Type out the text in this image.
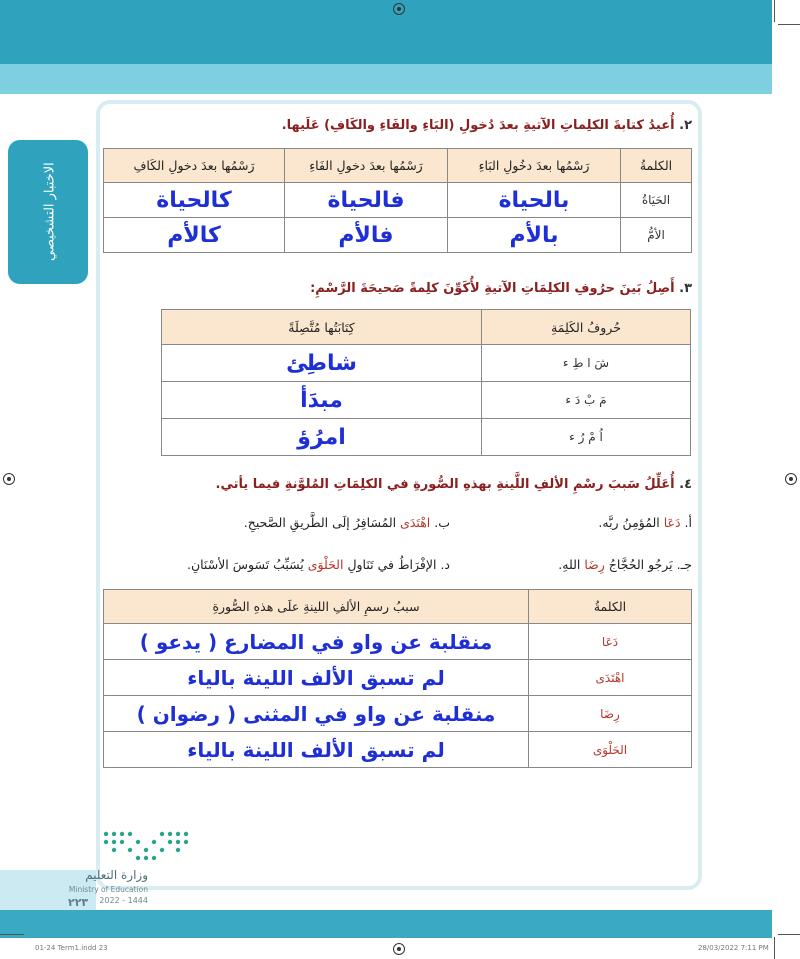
الاختبار التشخيصي
٢. أُعيدُ كتابةَ الكلِماتِ الآتيةِ بعدَ دُخولِ (البَاءِ والفَاءِ والكَافِ) عَلَيها.
الكلمةُ	رَسْمُها بعدَ دخُولِ البَاءِ	رَسْمُها بعدَ دخولِ الفَاءِ	رَسْمُها بعدَ دخولِ الكَافِ
الحَيَاةُ	بالحياة	فالحياة	كالحياة
الأمُّ	بالأم	فالأم	كالأم
٣. أَصِلُ بَينَ حرُوفِ الكلِمَاتِ الآتيةِ لأُكَوِّنَ كلِمةً صَحيحَةَ الرَّسْمِ:
حُروفُ الكَلِمَةِ	كِتَابَتُها مُتَّصِلَةً
شَ ا طِ ء	شاطِئ
مَ بْ دَ ء	مبدَأ
اُ مْ رُ ء	امرُؤ
٤. أُعَلِّلُ سَببَ رسْمِ الألفِ اللَّينةِ بهذهِ الصُّورةِ في الكلِمَاتِ المُلوَّنةِ فيما يأتي.
أ. دَعَا المُؤمِنُ ربَّه.
ب. اهْتَدَى المُسَافِرُ إلَى الطَّريقِ الصَّحيحِ.
جـ. يَرجُو الحُجَّاجُ رِضَا اللهِ.
د. الإفْرَاطُ في تَنَاولِ الحَلْوَى يُسَبِّبُ تَسَوسَ الأسْنَانِ.
الكلمةُ	سببُ رسمِ الألفِ اللينةِ علَى هذهِ الصُّورةِ
دَعَا	منقلبة عن واو في المضارع ( يدعو )
اهْتَدَى	لم تسبق الألف اللينة بالياء
رِضَا	منقلبة عن واو في المثنى ( رضوان )
الحَلْوَى	لم تسبق الألف اللينة بالياء
وزارة التعليم
Ministry of Education
2022 - 1444
٢٢٣
01-24 Term1.indd 23	28/03/2022 7:11 PM
